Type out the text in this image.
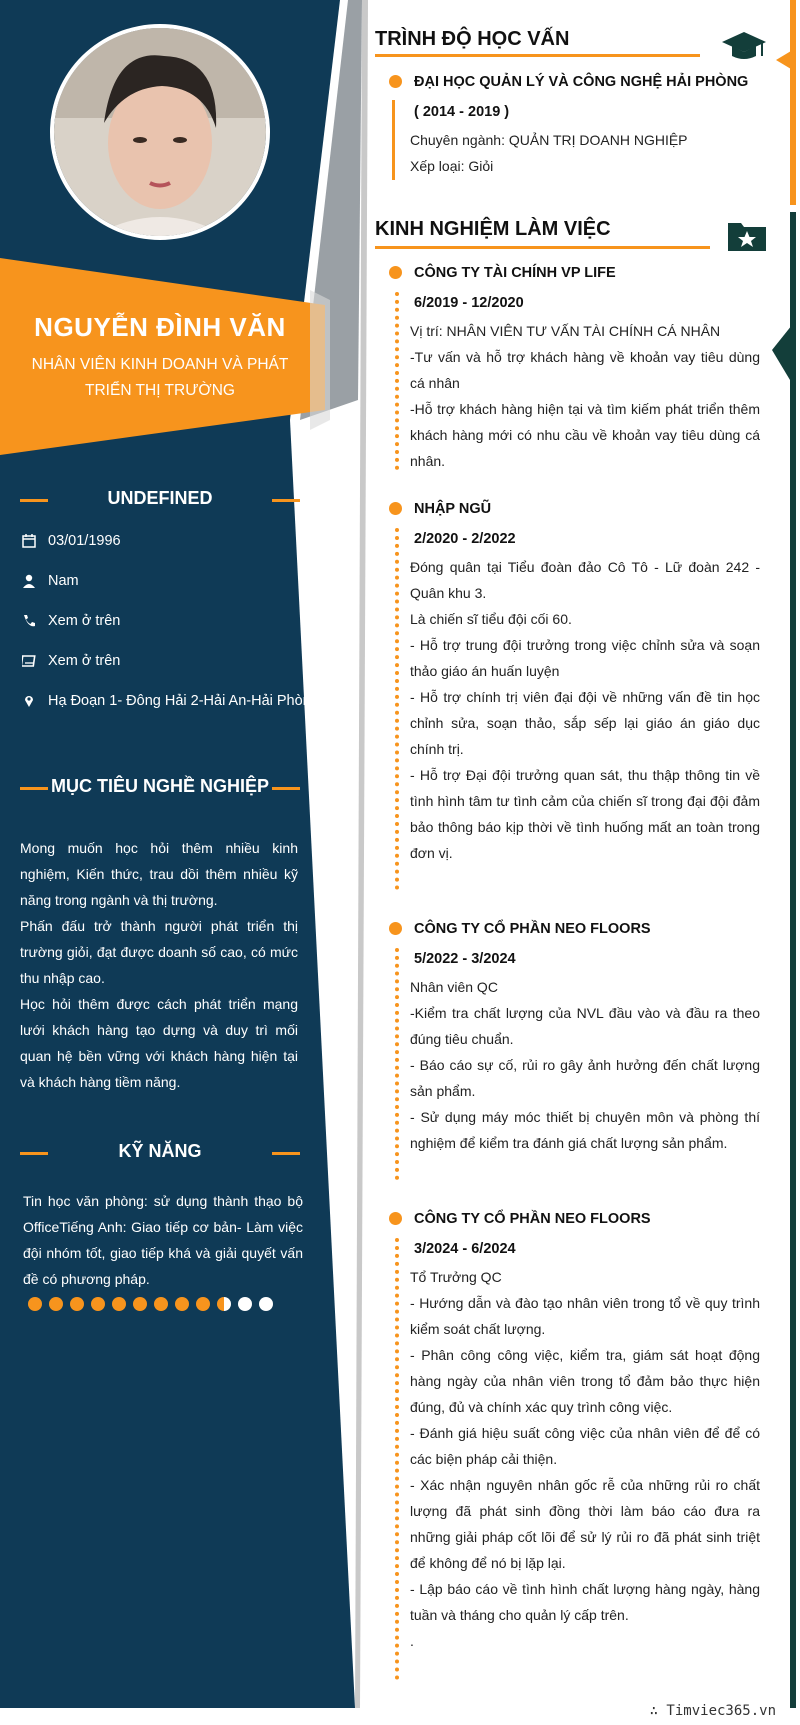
NGUYỄN ĐÌNH VĂN
NHÂN VIÊN KINH DOANH VÀ PHÁT TRIỂN THỊ TRƯỜNG
UNDEFINED
03/01/1996
Nam
Xem ở trên
Xem ở trên
Hạ Đoạn 1- Đông Hải 2-Hải An-Hải Phòng
MỤC TIÊU NGHỀ NGHIỆP
Mong muốn học hỏi thêm nhiều kinh nghiệm, Kiến thức, trau dồi thêm nhiều kỹ năng trong ngành và thị trường.
Phấn đấu trở thành người phát triển thị trường giỏi, đạt được doanh số cao, có mức thu nhập cao.
Học hỏi thêm được cách phát triển mạng lưới khách hàng tạo dựng và duy trì mối quan hệ bền vững với khách hàng hiện tại và khách hàng tiềm năng.
KỸ NĂNG
Tin học văn phòng: sử dụng thành thạo bộ OfficeTiếng Anh: Giao tiếp cơ bản- Làm việc đội nhóm tốt, giao tiếp khá và giải quyết vấn đề có phương pháp.
TRÌNH ĐỘ HỌC VẤN
ĐẠI HỌC QUẢN LÝ VÀ CÔNG NGHỆ HẢI PHÒNG
( 2014 - 2019 )
Chuyên ngành: QUẢN TRỊ DOANH NGHIỆP
Xếp loại: Giỏi
KINH NGHIỆM LÀM VIỆC
CÔNG TY TÀI CHÍNH VP LIFE
6/2019 - 12/2020
Vị trí: NHÂN VIÊN TƯ VẤN TÀI CHÍNH CÁ NHÂN
-Tư vấn và hỗ trợ khách hàng về khoản vay tiêu dùng cá nhân
-Hỗ trợ khách hàng hiện tại và tìm kiếm phát triển thêm khách hàng mới có nhu cầu về khoản vay tiêu dùng cá nhân.
NHẬP NGŨ
2/2020 - 2/2022
Đóng quân tại Tiểu đoàn đảo Cô Tô - Lữ đoàn 242 - Quân khu 3.
Là chiến sĩ tiểu đội cối 60.
- Hỗ trợ trung đội trưởng trong việc chỉnh sửa và soạn thảo giáo án huấn luyện
- Hỗ trợ chính trị viên đại đội về những vấn đề tin học chỉnh sửa, soạn thảo, sắp sếp lại giáo án giáo dục chính trị.
- Hỗ trợ Đại đội trưởng quan sát, thu thập thông tin về tình hình tâm tư tình cảm của chiến sĩ trong đại đội đảm bảo thông báo kịp thời về tình huống mất an toàn trong đơn vị.
CÔNG TY CỔ PHẦN NEO FLOORS
5/2022 - 3/2024
Nhân viên QC
-Kiểm tra chất lượng của NVL đầu vào và đầu ra theo đúng tiêu chuẩn.
- Báo cáo sự cố, rủi ro gây ảnh hưởng đến chất lượng sản phẩm.
- Sử dụng máy móc thiết bị chuyên môn và phòng thí nghiệm để kiểm tra đánh giá chất lượng sản phẩm.
CÔNG TY CỔ PHẦN NEO FLOORS
3/2024 - 6/2024
Tổ Trưởng QC
- Hướng dẫn và đào tạo nhân viên trong tổ về quy trình kiểm soát chất lượng.
- Phân công công việc, kiểm tra, giám sát hoạt động hàng ngày của nhân viên trong tổ đảm bảo thực hiện đúng, đủ và chính xác quy trình công việc.
- Đánh giá hiệu suất công việc của nhân viên để để có các biện pháp cải thiện.
- Xác nhận nguyên nhân gốc rễ của những rủi ro chất lượng đã phát sinh đồng thời làm báo cáo đưa ra những giải pháp cốt lõi để sử lý rủi ro đã phát sinh triệt để không để nó bị lặp lại.
- Lập báo cáo về tình hình chất lượng hàng ngày, hàng tuần và tháng cho quản lý cấp trên.
.
∴ Timviec365.vn
